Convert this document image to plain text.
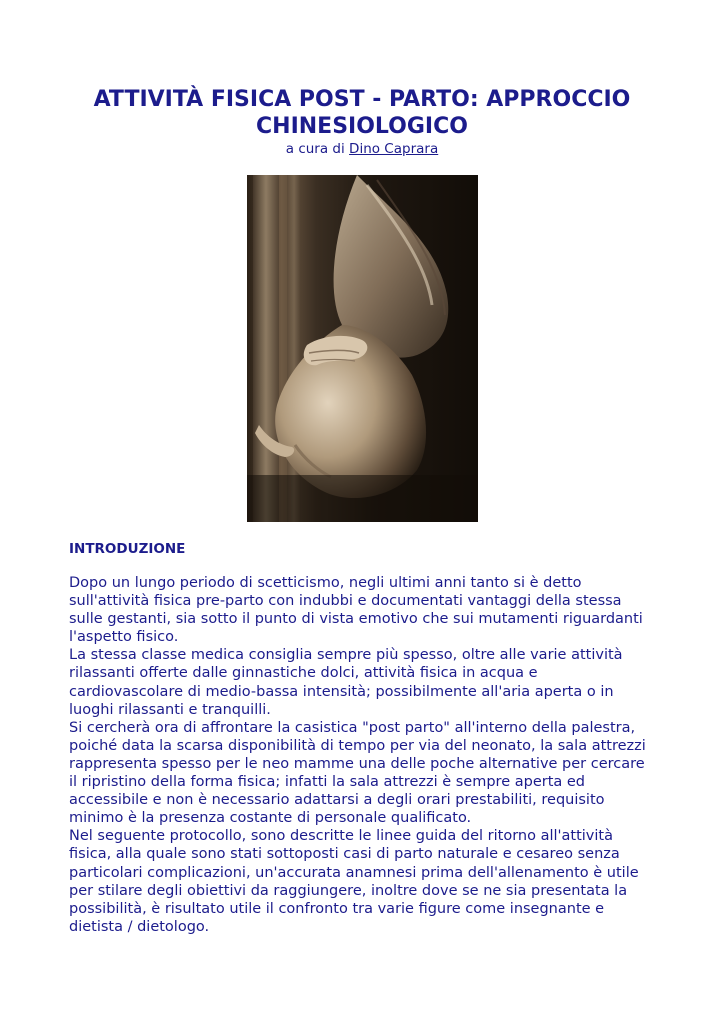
ATTIVITÀ FISICA POST - PARTO: APPROCCIO
CHINESIOLOGICO
a cura di Dino Caprara
INTRODUZIONE
Dopo un lungo periodo di scetticismo, negli ultimi anni tanto si è detto
sull'attività fisica pre-parto con indubbi e documentati vantaggi della stessa
sulle gestanti, sia sotto il punto di vista emotivo che sui mutamenti riguardanti
l'aspetto fisico.
La stessa classe medica consiglia sempre più spesso, oltre alle varie attività
rilassanti offerte dalle ginnastiche dolci, attività fisica in acqua e
cardiovascolare di medio-bassa intensità; possibilmente all'aria aperta o in
luoghi rilassanti e tranquilli.
Si cercherà ora di affrontare la casistica "post parto" all'interno della palestra,
poiché data la scarsa disponibilità di tempo per via del neonato, la sala attrezzi
rappresenta spesso per le neo mamme una delle poche alternative per cercare
il ripristino della forma fisica; infatti la sala attrezzi è sempre aperta ed
accessibile e non è necessario adattarsi a degli orari prestabiliti, requisito
minimo è la presenza costante di personale qualificato.
Nel seguente protocollo, sono descritte le linee guida del ritorno all'attività
fisica, alla quale sono stati sottoposti casi di parto naturale e cesareo senza
particolari complicazioni, un'accurata anamnesi prima dell'allenamento è utile
per stilare degli obiettivi da raggiungere, inoltre dove se ne sia presentata la
possibilità, è risultato utile il confronto tra varie figure come insegnante e
dietista / dietologo.
